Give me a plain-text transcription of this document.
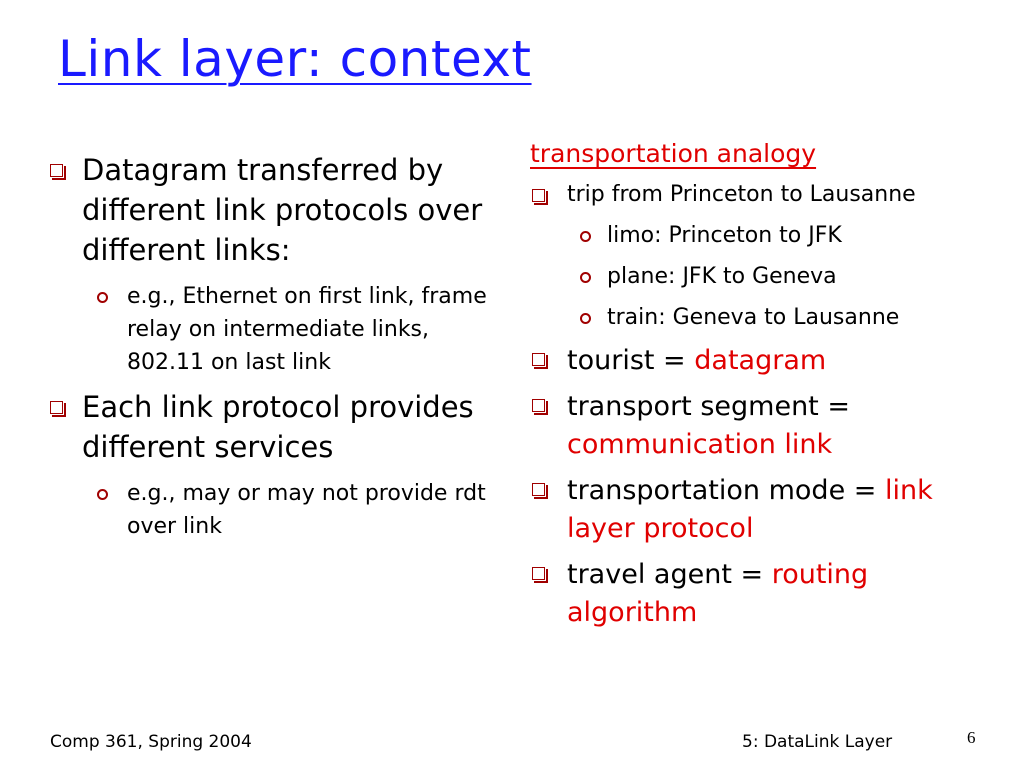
Link layer: context
Datagram transferred by different link protocols over different links:
e.g., Ethernet on first link, frame relay on intermediate links, 802.11 on last link
Each link protocol provides different services
e.g., may or may not provide rdt over link
transportation analogy
trip from Princeton to Lausanne
limo: Princeton to JFK
plane: JFK to Geneva
train: Geneva to Lausanne
tourist = datagram
transport segment = communication link
transportation mode = link layer protocol
travel agent = routing algorithm
Comp 361, Spring 2004	5: DataLink Layer	6
